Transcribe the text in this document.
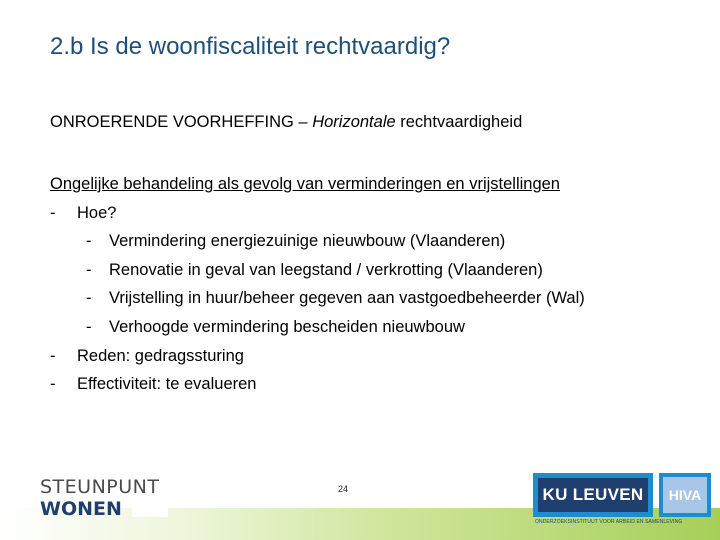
2.b Is de woonfiscaliteit rechtvaardig?
ONROERENDE VOORHEFFING – Horizontale rechtvaardigheid
Ongelijke behandeling als gevolg van verminderingen en vrijstellingen
- Hoe?
- Vermindering energiezuinige nieuwbouw (Vlaanderen)
- Renovatie in geval van leegstand / verkrotting (Vlaanderen)
- Vrijstelling in huur/beheer gegeven aan vastgoedbeheerder (Wal)
- Verhoogde vermindering bescheiden nieuwbouw
- Reden: gedragssturing
- Effectiviteit: te evalueren
STEUNPUNT
WONEN
24	KU LEUVEN	HIVA
ONDERZOEKSINSTITUUT VOOR ARBEID EN SAMENLEVING
